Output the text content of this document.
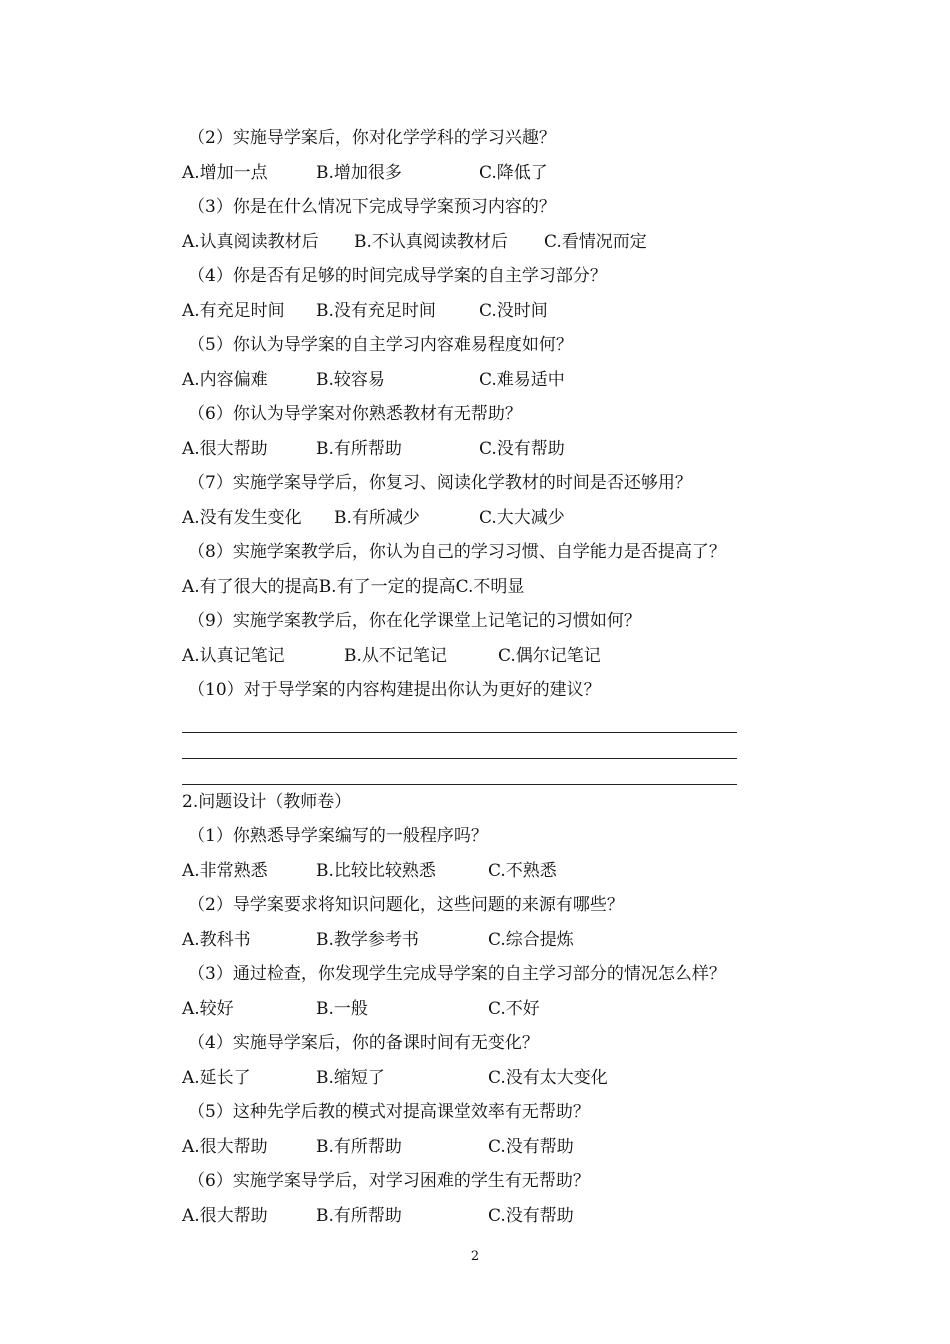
（2）实施导学案后，你对化学学科的学习兴趣？
A.增加一点	B.增加很多	C.降低了
（3）你是在什么情况下完成导学案预习内容的？
A.认真阅读教材后	B.不认真阅读教材后	C.看情况而定
（4）你是否有足够的时间完成导学案的自主学习部分？
A.有充足时间	B.没有充足时间	C.没时间
（5）你认为导学案的自主学习内容难易程度如何？
A.内容偏难	B.较容易	C.难易适中
（6）你认为导学案对你熟悉教材有无帮助？
A.很大帮助	B.有所帮助	C.没有帮助
（7）实施学案导学后，你复习、阅读化学教材的时间是否还够用？
A.没有发生变化	B.有所减少	C.大大减少
（8）实施学案教学后，你认为自己的学习习惯、自学能力是否提高了？
A.有了很大的提高 B.有了一定的提高 C.不明显
（9）实施学案教学后，你在化学课堂上记笔记的习惯如何？
A.认真记笔记	B.从不记笔记	C.偶尔记笔记
（10）对于导学案的内容构建提出你认为更好的建议？
2.问题设计（教师卷）
（1）你熟悉导学案编写的一般程序吗？
A.非常熟悉	B.比较比较熟悉	C.不熟悉
（2）导学案要求将知识问题化，这些问题的来源有哪些？
A.教科书	B.教学参考书	C.综合提炼
（3）通过检查，你发现学生完成导学案的自主学习部分的情况怎么样？
A.较好	B.一般	C.不好
（4）实施导学案后，你的备课时间有无变化？
A.延长了	B.缩短了	C.没有太大变化
（5）这种先学后教的模式对提高课堂效率有无帮助？
A.很大帮助	B.有所帮助	C.没有帮助
（6）实施学案导学后，对学习困难的学生有无帮助？
A.很大帮助	B.有所帮助	C.没有帮助
2
